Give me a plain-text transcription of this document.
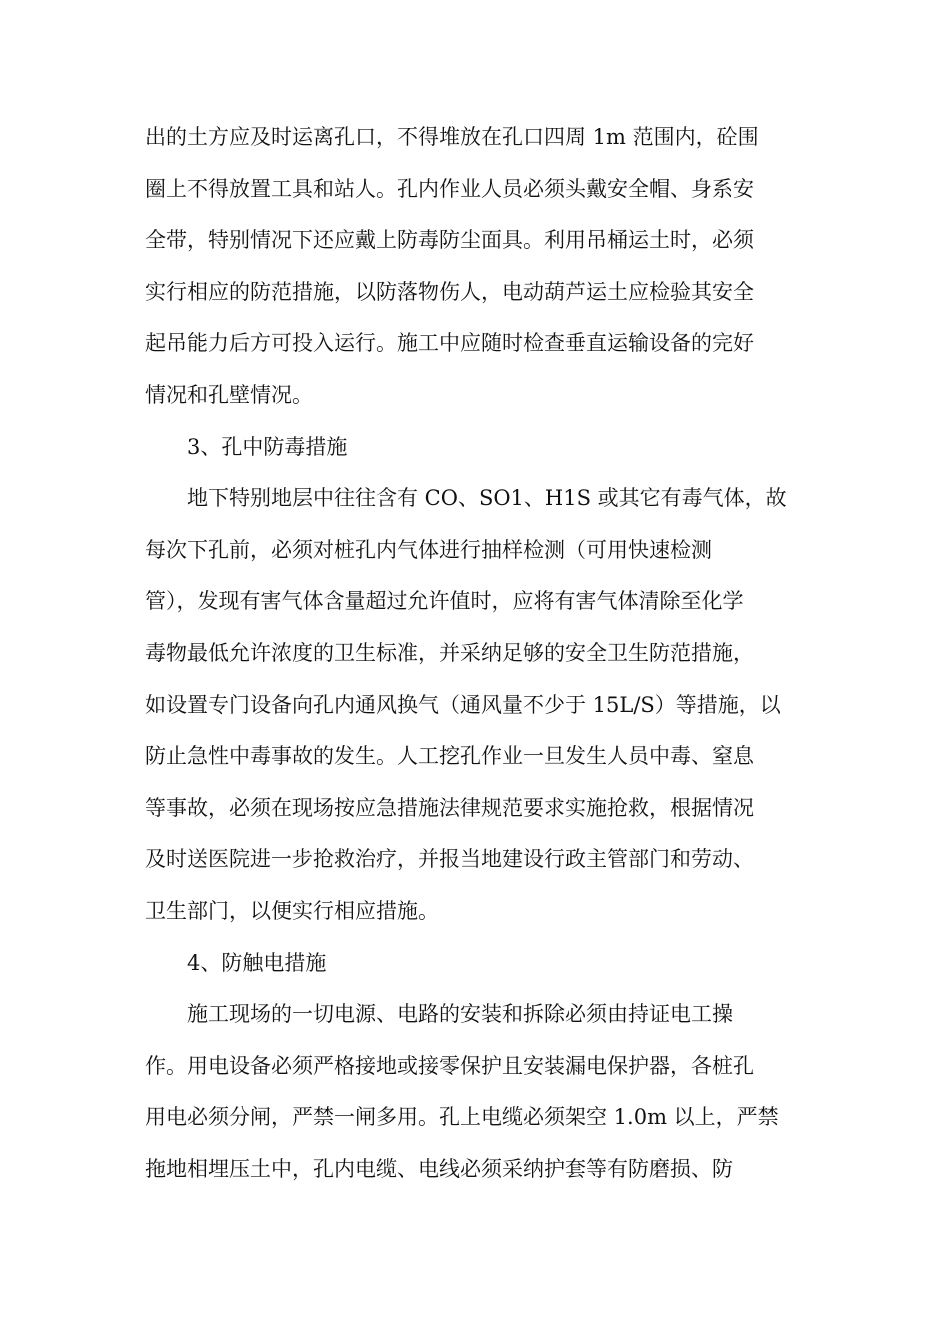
出的土方应及时运离孔口，不得堆放在孔口四周 1m 范围内，砼围
圈上不得放置工具和站人。孔内作业人员必须头戴安全帽、身系安
全带，特别情况下还应戴上防毒防尘面具。利用吊桶运土时，必须
实行相应的防范措施，以防落物伤人，电动葫芦运土应检验其安全
起吊能力后方可投入运行。施工中应随时检查垂直运输设备的完好
情况和孔壁情况。
3、孔中防毒措施
地下特别地层中往往含有 CO、SO1、H1S 或其它有毒气体，故
每次下孔前，必须对桩孔内气体进行抽样检测（可用快速检测
管），发现有害气体含量超过允许值时，应将有害气体清除至化学
毒物最低允许浓度的卫生标准，并采纳足够的安全卫生防范措施，
如设置专门设备向孔内通风换气（通风量不少于 15L/S）等措施，以
防止急性中毒事故的发生。人工挖孔作业一旦发生人员中毒、窒息
等事故，必须在现场按应急措施法律规范要求实施抢救，根据情况
及时送医院进一步抢救治疗，并报当地建设行政主管部门和劳动、
卫生部门，以便实行相应措施。
4、防触电措施
施工现场的一切电源、电路的安装和拆除必须由持证电工操
作。用电设备必须严格接地或接零保护且安装漏电保护器，各桩孔
用电必须分闸，严禁一闸多用。孔上电缆必须架空 1.0m 以上，严禁
拖地相埋压土中，孔内电缆、电线必须采纳护套等有防磨损、防
